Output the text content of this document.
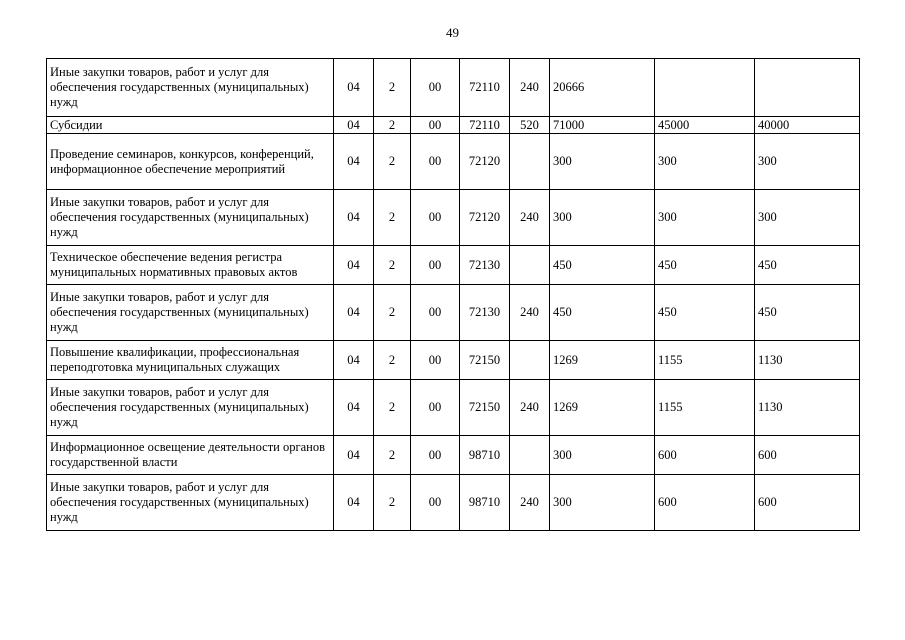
49
Иные закупки товаров, работ и услуг для обеспечения государственных (муниципальных) нужд	04	2	00	72110	240	20666		
Субсидии	04	2	00	72110	520	71000	45000	40000
Проведение семинаров, конкурсов, конференций, информационное обеспечение мероприятий	04	2	00	72120		300	300	300
Иные закупки товаров, работ и услуг для обеспечения государственных (муниципальных) нужд	04	2	00	72120	240	300	300	300
Техническое обеспечение ведения регистра муниципальных нормативных правовых актов	04	2	00	72130		450	450	450
Иные закупки товаров, работ и услуг для обеспечения государственных (муниципальных) нужд	04	2	00	72130	240	450	450	450
Повышение квалификации, профессиональная переподготовка муниципальных служащих	04	2	00	72150		1269	1155	1130
Иные закупки товаров, работ и услуг для обеспечения государственных (муниципальных) нужд	04	2	00	72150	240	1269	1155	1130
Информационное освещение деятельности органов государственной власти	04	2	00	98710		300	600	600
Иные закупки товаров, работ и услуг для обеспечения государственных (муниципальных) нужд	04	2	00	98710	240	300	600	600
